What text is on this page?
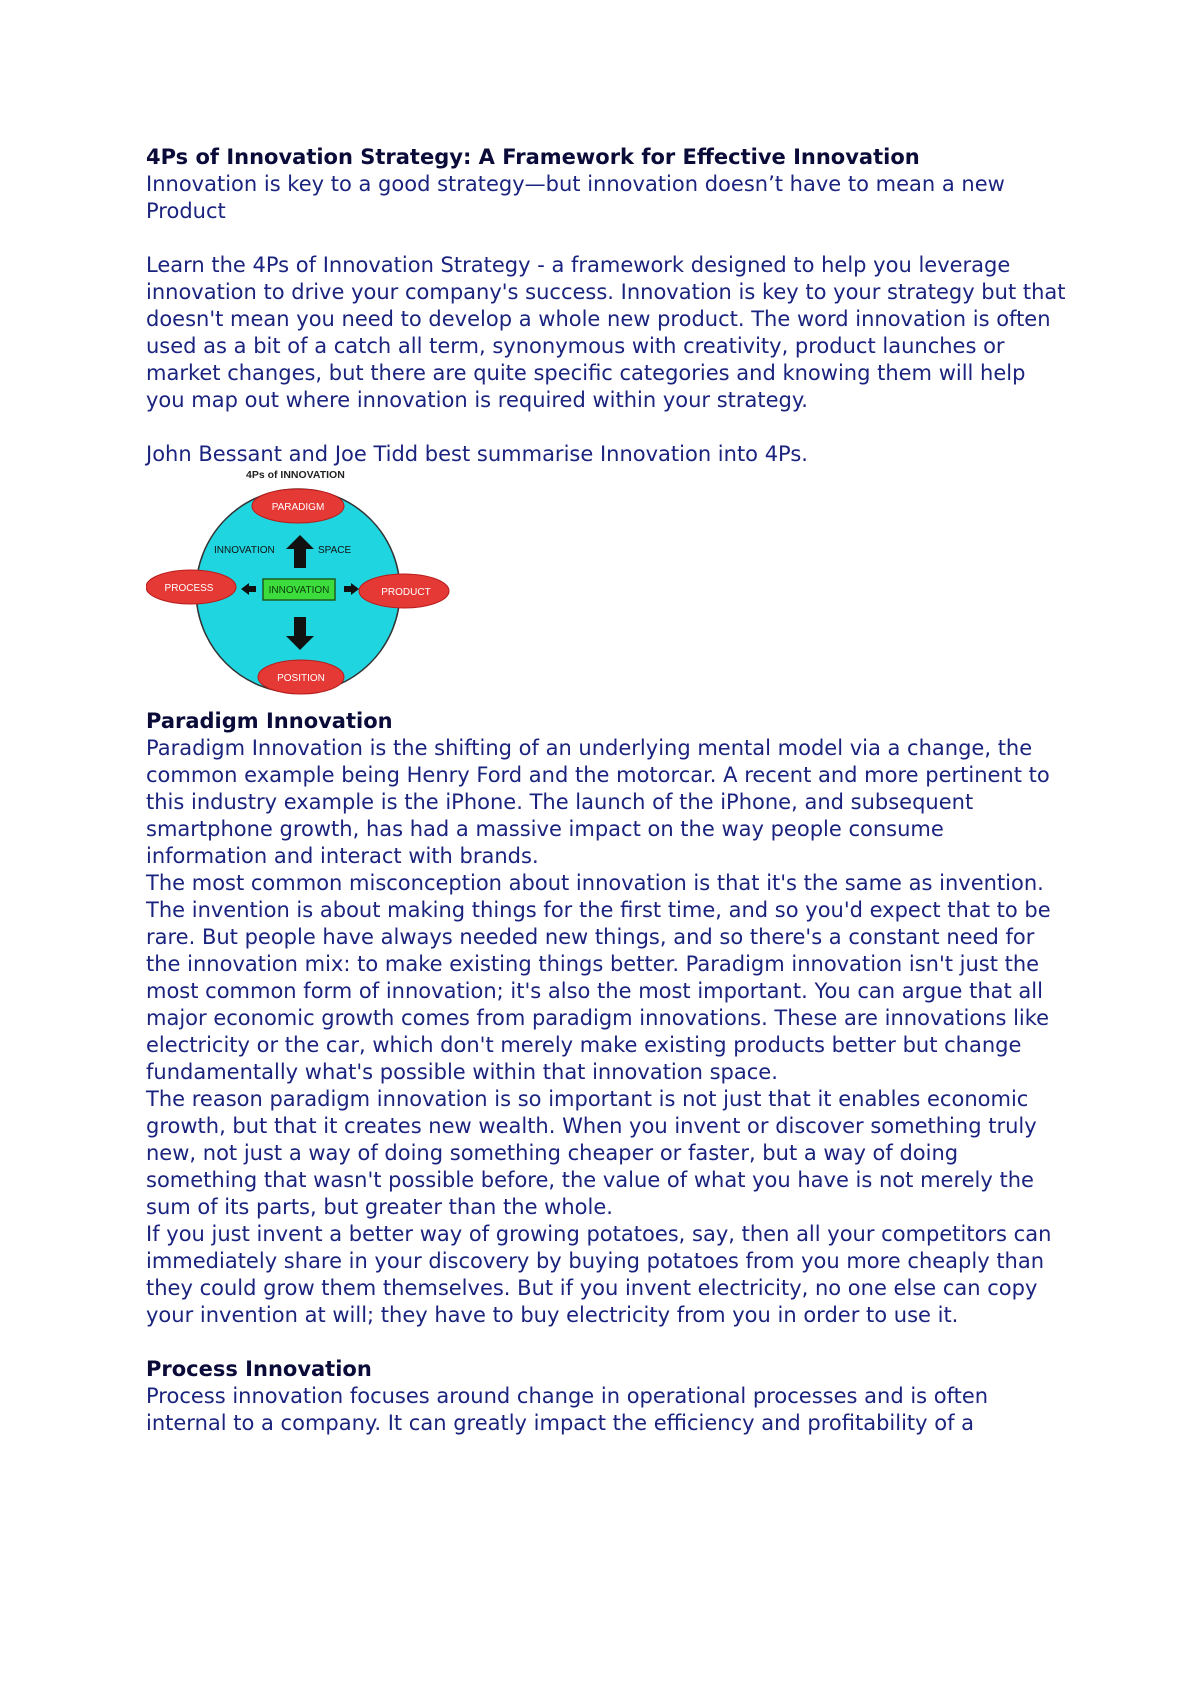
4Ps of Innovation Strategy: A Framework for Effective Innovation

Innovation is key to a good strategy—but innovation doesn’t have to mean a new Product

Learn the 4Ps of Innovation Strategy - a framework designed to help you leverage innovation to drive your company's success. Innovation is key to your strategy but that doesn't mean you need to develop a whole new product. The word innovation is often used as a bit of a catch all term, synonymous with creativity, product launches or market changes, but there are quite specific categories and knowing them will help you map out where innovation is required within your strategy.

John Bessant and Joe Tidd best summarise Innovation into 4Ps.

4Ps of INNOVATION
PARADIGM
PROCESS	PRODUCT
POSITION
INNOVATION	SPACE
INNOVATION

Paradigm Innovation

Paradigm Innovation is the shifting of an underlying mental model via a change, the common example being Henry Ford and the motorcar. A recent and more pertinent to this industry example is the iPhone. The launch of the iPhone, and subsequent smartphone growth, has had a massive impact on the way people consume information and interact with brands.

The most common misconception about innovation is that it's the same as invention. The invention is about making things for the first time, and so you'd expect that to be rare. But people have always needed new things, and so there's a constant need for the innovation mix: to make existing things better. Paradigm innovation isn't just the most common form of innovation; it's also the most important. You can argue that all major economic growth comes from paradigm innovations. These are innovations like electricity or the car, which don't merely make existing products better but change fundamentally what's possible within that innovation space.

The reason paradigm innovation is so important is not just that it enables economic growth, but that it creates new wealth. When you invent or discover something truly new, not just a way of doing something cheaper or faster, but a way of doing something that wasn't possible before, the value of what you have is not merely the sum of its parts, but greater than the whole.

If you just invent a better way of growing potatoes, say, then all your competitors can immediately share in your discovery by buying potatoes from you more cheaply than they could grow them themselves. But if you invent electricity, no one else can copy your invention at will; they have to buy electricity from you in order to use it.

Process Innovation

Process innovation focuses around change in operational processes and is often internal to a company. It can greatly impact the efficiency and profitability of a
